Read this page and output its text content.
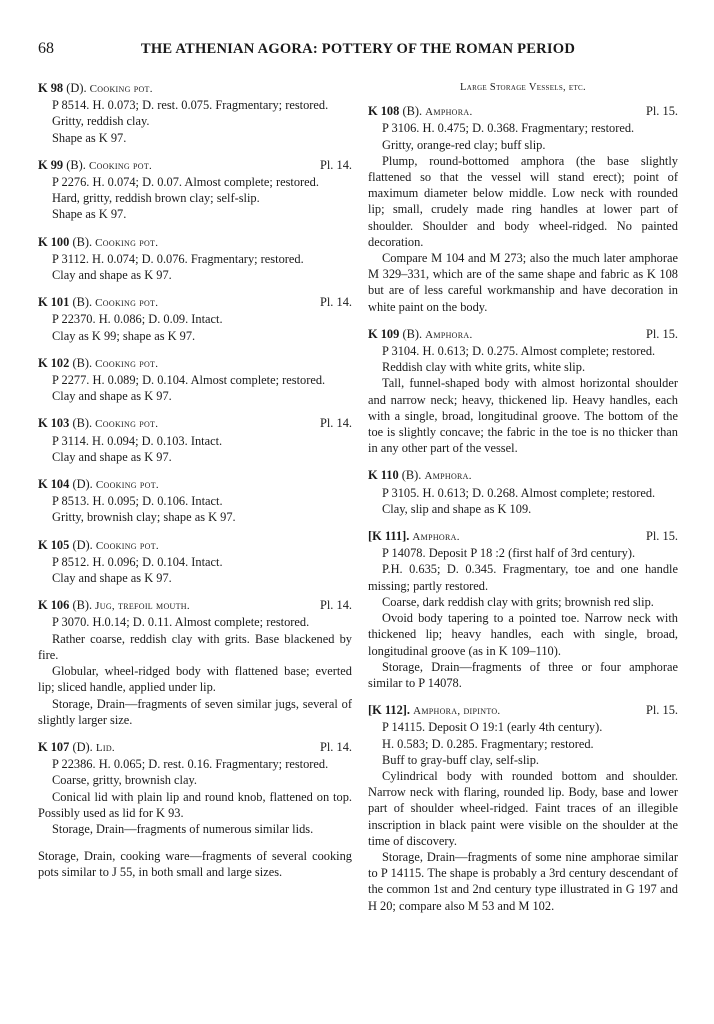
68	THE ATHENIAN AGORA: POTTERY OF THE ROMAN PERIOD
K 98 (D). Cooking pot.

P 8514. H. 0.073; D. rest. 0.075. Fragmentary; restored.

Gritty, reddish clay.

Shape as K 97.

K 99 (B). Cooking pot.	Pl. 14.

P 2276. H. 0.074; D. 0.07. Almost complete; restored.

Hard, gritty, reddish brown clay; self-slip.

Shape as K 97.

K 100 (B). Cooking pot.

P 3112. H. 0.074; D. 0.076. Fragmentary; restored.

Clay and shape as K 97.

K 101 (B). Cooking pot.	Pl. 14.

P 22370. H. 0.086; D. 0.09. Intact.

Clay as K 99; shape as K 97.

K 102 (B). Cooking pot.

P 2277. H. 0.089; D. 0.104. Almost complete; restored.

Clay and shape as K 97.

K 103 (B). Cooking pot.	Pl. 14.

P 3114. H. 0.094; D. 0.103. Intact.

Clay and shape as K 97.

K 104 (D). Cooking pot.

P 8513. H. 0.095; D. 0.106. Intact.

Gritty, brownish clay; shape as K 97.

K 105 (D). Cooking pot.

P 8512. H. 0.096; D. 0.104. Intact.

Clay and shape as K 97.

K 106 (B). Jug, trefoil mouth.	Pl. 14.

P 3070. H.0.14; D. 0.11. Almost complete; restored.

Rather coarse, reddish clay with grits. Base blackened by fire.

Globular, wheel-ridged body with flattened base; everted lip; sliced handle, applied under lip.

Storage, Drain—fragments of seven similar jugs, several of slightly larger size.

K 107 (D). Lid.	Pl. 14.

P 22386. H. 0.065; D. rest. 0.16. Fragmentary; restored.

Coarse, gritty, brownish clay.

Conical lid with plain lip and round knob, flattened on top. Possibly used as lid for K 93.

Storage, Drain—fragments of numerous similar lids.

Storage, Drain, cooking ware—fragments of several cooking pots similar to J 55, in both small and large sizes.

Large Storage Vessels, etc.
K 108 (B). Amphora.	Pl. 15.

P 3106. H. 0.475; D. 0.368. Fragmentary; restored.

Gritty, orange-red clay; buff slip.

Plump, round-bottomed amphora (the base slightly flattened so that the vessel will stand erect); point of maximum diameter below middle. Low neck with rounded lip; small, crudely made ring handles at lower part of shoulder. Shoulder and body wheel-ridged. No painted decoration.

Compare M 104 and M 273; also the much later amphorae M 329–331, which are of the same shape and fabric as K 108 but are of less careful workmanship and have decoration in white paint on the body.

K 109 (B). Amphora.	Pl. 15.

P 3104. H. 0.613; D. 0.275. Almost complete; restored.

Reddish clay with white grits, white slip.

Tall, funnel-shaped body with almost horizontal shoulder and narrow neck; heavy, thickened lip. Heavy handles, each with a single, broad, longitudinal groove. The bottom of the toe is slightly concave; the fabric in the toe is no thicker than in any other part of the vessel.

K 110 (B). Amphora.

P 3105. H. 0.613; D. 0.268. Almost complete; restored.

Clay, slip and shape as K 109.

[K 111]. Amphora.	Pl. 15.

P 14078. Deposit P 18 :2 (first half of 3rd century).

P.H. 0.635; D. 0.345. Fragmentary, toe and one handle missing; partly restored.

Coarse, dark reddish clay with grits; brownish red slip.

Ovoid body tapering to a pointed toe. Narrow neck with thickened lip; heavy handles, each with single, broad, longitudinal groove (as in K 109–110).

Storage, Drain—fragments of three or four amphorae similar to P 14078.

[K 112]. Amphora, dipinto.	Pl. 15.

P 14115. Deposit O 19:1 (early 4th century).

H. 0.583; D. 0.285. Fragmentary; restored.

Buff to gray-buff clay, self-slip.

Cylindrical body with rounded bottom and shoulder. Narrow neck with flaring, rounded lip. Body, base and lower part of shoulder wheel-ridged. Faint traces of an illegible inscription in black paint were visible on the shoulder at the time of discovery.

Storage, Drain—fragments of some nine amphorae similar to P 14115. The shape is probably a 3rd century descendant of the common 1st and 2nd century type illustrated in G 197 and H 20; compare also M 53 and M 102.
